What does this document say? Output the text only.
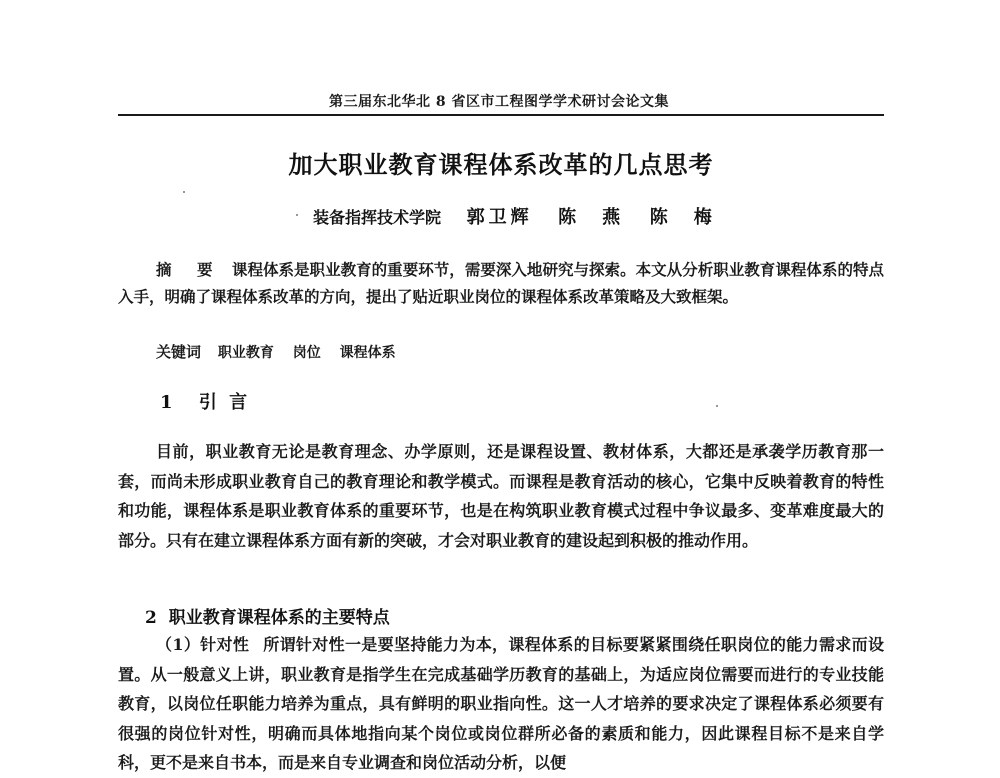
第三届东北华北 8 省区市工程图学学术研讨会论文集
加大职业教育课程体系改革的几点思考
装备指挥技术学院 郭卫辉 陈　燕 陈　梅
摘 要 课程体系是职业教育的重要环节，需要深入地研究与探索。本文从分析职业教育课程体系的特点入手，明确了课程体系改革的方向，提出了贴近职业岗位的课程体系改革策略及大致框架。
关键词 职业教育 岗位 课程体系
1 引 言
目前，职业教育无论是教育理念、办学原则，还是课程设置、教材体系，大都还是承袭学历教育那一套，而尚未形成职业教育自己的教育理论和教学模式。而课程是教育活动的核心，它集中反映着教育的特性和功能，课程体系是职业教育体系的重要环节，也是在构筑职业教育模式过程中争议最多、变革难度最大的部分。只有在建立课程体系方面有新的突破，才会对职业教育的建设起到积极的推动作用。
2 职业教育课程体系的主要特点
（1）针对性 所谓针对性一是要坚持能力为本，课程体系的目标要紧紧围绕任职岗位的能力需求而设置。从一般意义上讲，职业教育是指学生在完成基础学历教育的基础上，为适应岗位需要而进行的专业技能教育，以岗位任职能力培养为重点，具有鲜明的职业指向性。这一人才培养的要求决定了课程体系必须要有很强的岗位针对性，明确而具体地指向某个岗位或岗位群所必备的素质和能力，因此课程目标不是来自学科，更不是来自书本，而是来自专业调查和岗位活动分析，以便
